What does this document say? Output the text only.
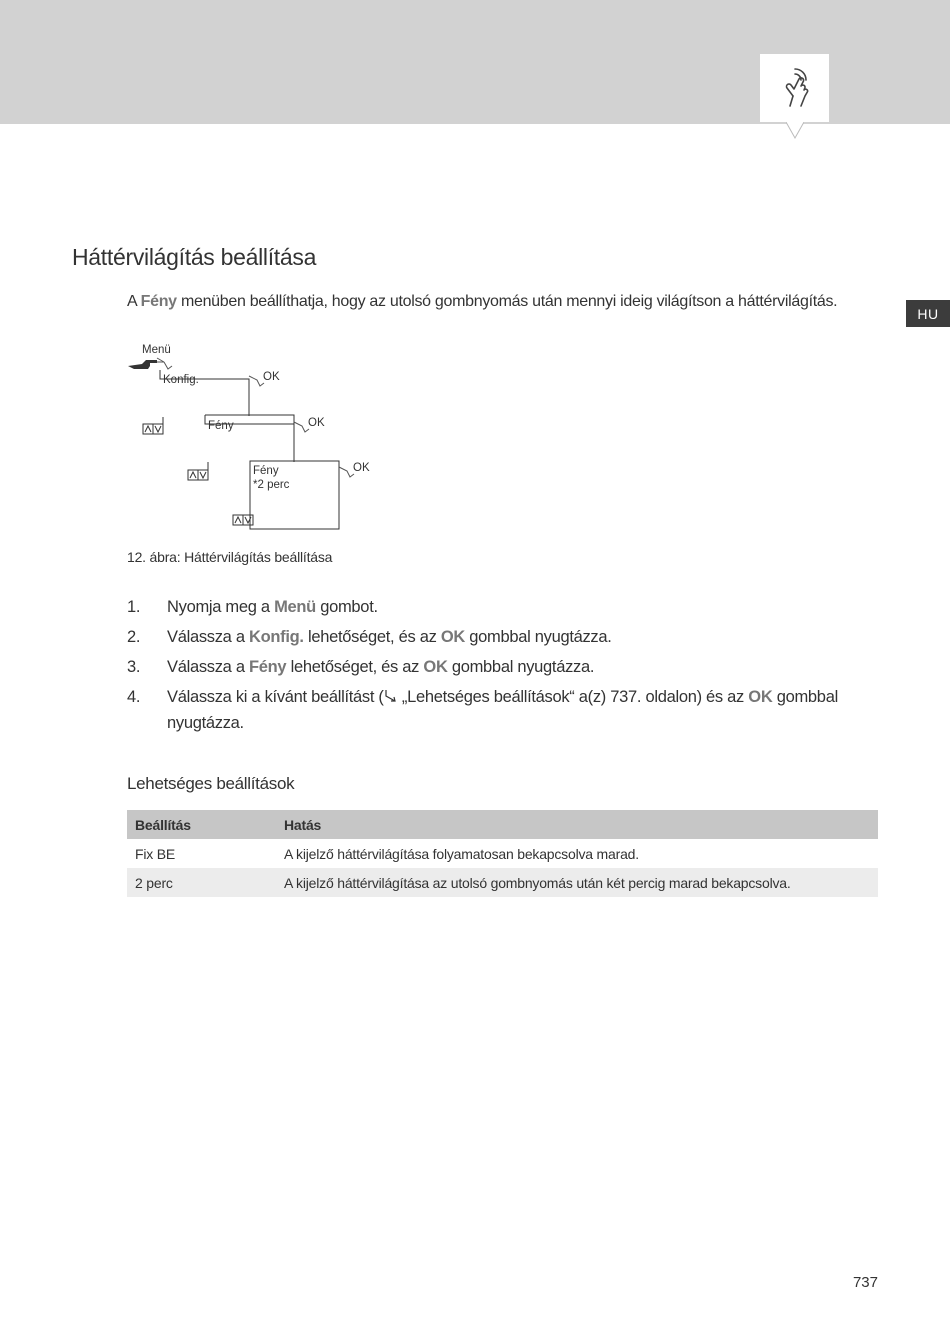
HU
Háttérvilágítás beállítása

A Fény menüben beállíthatja, hogy az utolsó gombnyomás után mennyi ideig világítson a háttérvilágítás.

Menü
Konfig.	OK
Fény	OK
Fény
*2 perc
OK

12. ábra: Háttérvilágítás beállítása

1. Nyomja meg a Menü gombot.
2. Válassza a Konfig. lehetőséget, és az OK gombbal nyugtázza.
3. Válassza a Fény lehetőséget, és az OK gombbal nyugtázza.
4. Válassza ki a kívánt beállítást ( „Lehetséges beállítások“ a(z) 737. oldalon) és az OK gombbal nyugtázza.
Lehetséges beállítások
Beállítás	Hatás
Fix BE	A kijelző háttérvilágítása folyamatosan bekapcsolva marad.
2 perc	A kijelző háttérvilágítása az utolsó gombnyomás után két percig marad bekapcsolva.
737
